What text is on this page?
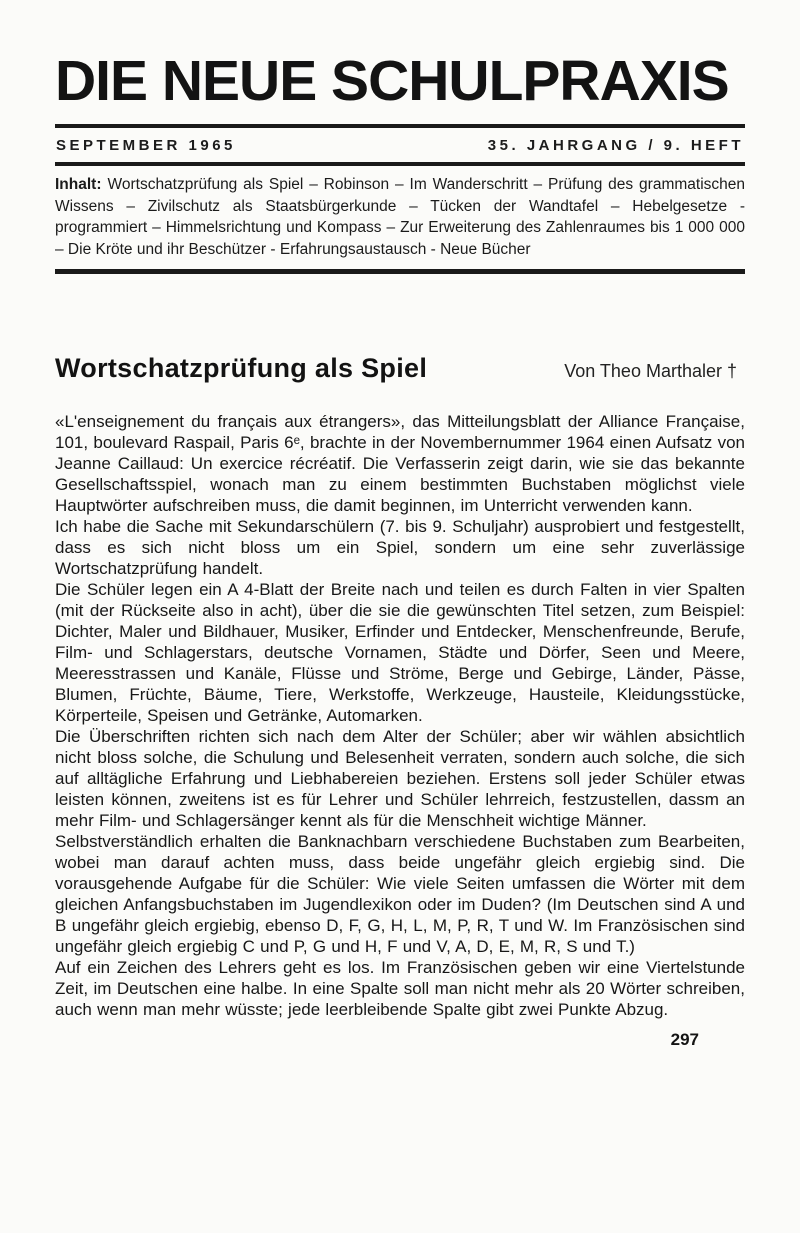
DIE NEUE SCHULPRAXIS
SEPTEMBER 1965	35. JAHRGANG / 9. HEFT

Inhalt: Wortschatzprüfung als Spiel – Robinson – Im Wanderschritt – Prüfung des grammatischen Wissens – Zivilschutz als Staatsbürgerkunde – Tücken der Wandtafel – Hebelgesetze - programmiert – Himmelsrichtung und Kompass – Zur Erweiterung des Zahlenraumes bis 1 000 000 – Die Kröte und ihr Beschützer - Erfahrungsaustausch - Neue Bücher

Wortschatzprüfung als Spiel	Von Theo Marthaler †

«L'enseignement du français aux étrangers», das Mitteilungsblatt der Alliance Française, 101, boulevard Raspail, Paris 6ᵉ, brachte in der Novembernummer 1964 einen Aufsatz von Jeanne Caillaud: Un exercice récréatif. Die Verfasserin zeigt darin, wie sie das bekannte Gesellschaftsspiel, wonach man zu einem bestimmten Buchstaben möglichst viele Hauptwörter aufschreiben muss, die damit beginnen, im Unterricht verwenden kann.

Ich habe die Sache mit Sekundarschülern (7. bis 9. Schuljahr) ausprobiert und festgestellt, dass es sich nicht bloss um ein Spiel, sondern um eine sehr zuverlässige Wortschatzprüfung handelt.

Die Schüler legen ein A 4-Blatt der Breite nach und teilen es durch Falten in vier Spalten (mit der Rückseite also in acht), über die sie die gewünschten Titel setzen, zum Beispiel: Dichter, Maler und Bildhauer, Musiker, Erfinder und Entdecker, Menschenfreunde, Berufe, Film- und Schlagerstars, deutsche Vornamen, Städte und Dörfer, Seen und Meere, Meeresstrassen und Kanäle, Flüsse und Ströme, Berge und Gebirge, Länder, Pässe, Blumen, Früchte, Bäume, Tiere, Werkstoffe, Werkzeuge, Hausteile, Kleidungsstücke, Körperteile, Speisen und Getränke, Automarken.

Die Überschriften richten sich nach dem Alter der Schüler; aber wir wählen absichtlich nicht bloss solche, die Schulung und Belesenheit verraten, sondern auch solche, die sich auf alltägliche Erfahrung und Liebhabereien beziehen. Erstens soll jeder Schüler etwas leisten können, zweitens ist es für Lehrer und Schüler lehrreich, festzustellen, dassm an mehr Film- und Schlagersänger kennt als für die Menschheit wichtige Männer.

Selbstverständlich erhalten die Banknachbarn verschiedene Buchstaben zum Bearbeiten, wobei man darauf achten muss, dass beide ungefähr gleich ergiebig sind. Die vorausgehende Aufgabe für die Schüler: Wie viele Seiten umfassen die Wörter mit dem gleichen Anfangsbuchstaben im Jugendlexikon oder im Duden? (Im Deutschen sind A und B ungefähr gleich ergiebig, ebenso D, F, G, H, L, M, P, R, T und W. Im Französischen sind ungefähr gleich ergiebig C und P, G und H, F und V, A, D, E, M, R, S und T.)

Auf ein Zeichen des Lehrers geht es los. Im Französischen geben wir eine Viertelstunde Zeit, im Deutschen eine halbe. In eine Spalte soll man nicht mehr als 20 Wörter schreiben, auch wenn man mehr wüsste; jede leerbleibende Spalte gibt zwei Punkte Abzug.

297
